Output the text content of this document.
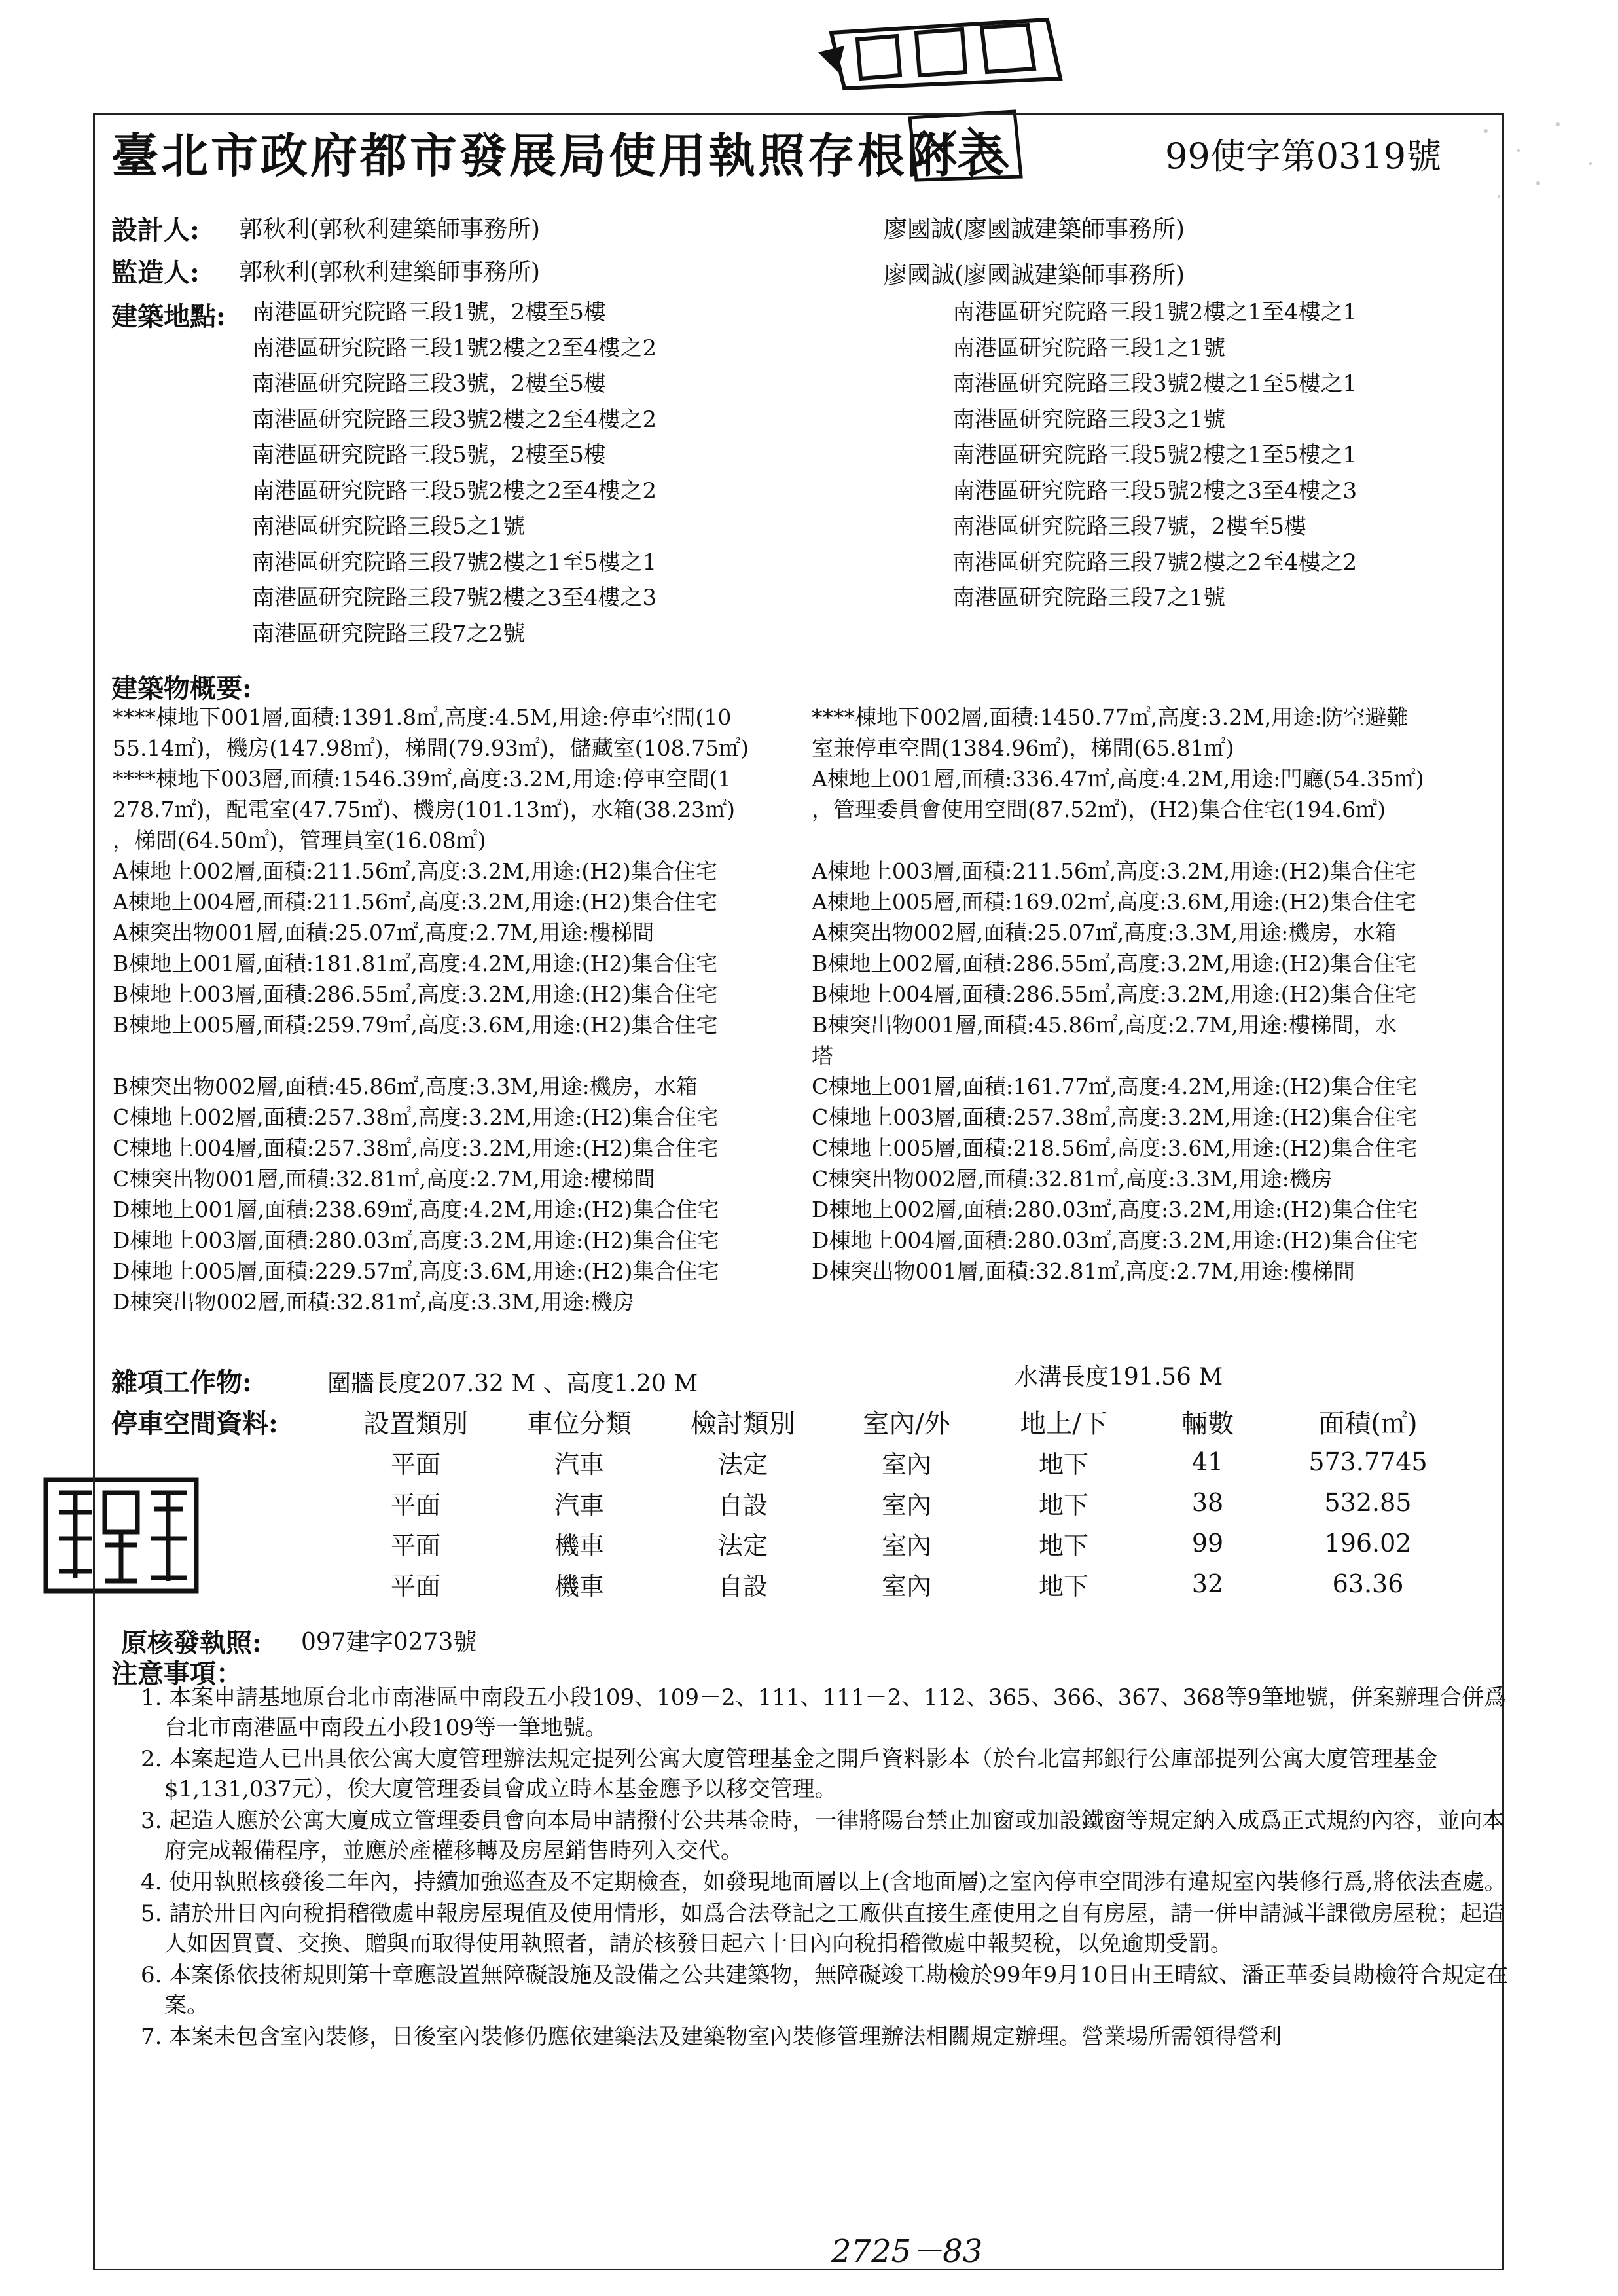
臺北市政府都市發展局使用執照存根附表	99使字第0319號
設計人: 郭秋利(郭秋利建築師事務所)	廖國誠(廖國誠建築師事務所)
監造人: 郭秋利(郭秋利建築師事務所)	廖國誠(廖國誠建築師事務所)
建築地點: 南港區研究院路三段1號，2樓至5樓
南港區研究院路三段1號2樓之2至4樓之2
南港區研究院路三段3號，2樓至5樓
南港區研究院路三段3號2樓之2至4樓之2
南港區研究院路三段5號，2樓至5樓
南港區研究院路三段5號2樓之2至4樓之2
南港區研究院路三段5之1號
南港區研究院路三段7號2樓之1至5樓之1
南港區研究院路三段7號2樓之3至4樓之3
南港區研究院路三段7之2號
南港區研究院路三段1號2樓之1至4樓之1
南港區研究院路三段1之1號
南港區研究院路三段3號2樓之1至5樓之1
南港區研究院路三段3之1號
南港區研究院路三段5號2樓之1至5樓之1
南港區研究院路三段5號2樓之3至4樓之3
南港區研究院路三段7號，2樓至5樓
南港區研究院路三段7號2樓之2至4樓之2
南港區研究院路三段7之1號
建築物概要:
****棟地下001層,面積:1391.8㎡,高度:4.5M,用途:停車空間(10
55.14㎡)，機房(147.98㎡)，梯間(79.93㎡)，儲藏室(108.75㎡)
****棟地下003層,面積:1546.39㎡,高度:3.2M,用途:停車空間(1
278.7㎡)，配電室(47.75㎡)、機房(101.13㎡)，水箱(38.23㎡)
，梯間(64.50㎡)，管理員室(16.08㎡)
A棟地上002層,面積:211.56㎡,高度:3.2M,用途:(H2)集合住宅
A棟地上004層,面積:211.56㎡,高度:3.2M,用途:(H2)集合住宅
A棟突出物001層,面積:25.07㎡,高度:2.7M,用途:樓梯間
B棟地上001層,面積:181.81㎡,高度:4.2M,用途:(H2)集合住宅
B棟地上003層,面積:286.55㎡,高度:3.2M,用途:(H2)集合住宅
B棟地上005層,面積:259.79㎡,高度:3.6M,用途:(H2)集合住宅
B棟突出物002層,面積:45.86㎡,高度:3.3M,用途:機房，水箱
C棟地上002層,面積:257.38㎡,高度:3.2M,用途:(H2)集合住宅
C棟地上004層,面積:257.38㎡,高度:3.2M,用途:(H2)集合住宅
C棟突出物001層,面積:32.81㎡,高度:2.7M,用途:樓梯間
D棟地上001層,面積:238.69㎡,高度:4.2M,用途:(H2)集合住宅
D棟地上003層,面積:280.03㎡,高度:3.2M,用途:(H2)集合住宅
D棟地上005層,面積:229.57㎡,高度:3.6M,用途:(H2)集合住宅
D棟突出物002層,面積:32.81㎡,高度:3.3M,用途:機房
****棟地下002層,面積:1450.77㎡,高度:3.2M,用途:防空避難
室兼停車空間(1384.96㎡)，梯間(65.81㎡)
A棟地上001層,面積:336.47㎡,高度:4.2M,用途:門廳(54.35㎡)
，管理委員會使用空間(87.52㎡)，(H2)集合住宅(194.6㎡)
A棟地上003層,面積:211.56㎡,高度:3.2M,用途:(H2)集合住宅
A棟地上005層,面積:169.02㎡,高度:3.6M,用途:(H2)集合住宅
A棟突出物002層,面積:25.07㎡,高度:3.3M,用途:機房，水箱
B棟地上002層,面積:286.55㎡,高度:3.2M,用途:(H2)集合住宅
B棟地上004層,面積:286.55㎡,高度:3.2M,用途:(H2)集合住宅
B棟突出物001層,面積:45.86㎡,高度:2.7M,用途:樓梯間，水
塔
C棟地上001層,面積:161.77㎡,高度:4.2M,用途:(H2)集合住宅
C棟地上003層,面積:257.38㎡,高度:3.2M,用途:(H2)集合住宅
C棟地上005層,面積:218.56㎡,高度:3.6M,用途:(H2)集合住宅
C棟突出物002層,面積:32.81㎡,高度:3.3M,用途:機房
D棟地上002層,面積:280.03㎡,高度:3.2M,用途:(H2)集合住宅
D棟地上004層,面積:280.03㎡,高度:3.2M,用途:(H2)集合住宅
D棟突出物001層,面積:32.81㎡,高度:2.7M,用途:樓梯間
雜項工作物:	圍牆長度207.32 M 、高度1.20 M	水溝長度191.56 M
停車空間資料:	設置類別	車位分類	檢討類別	室內/外	地上/下	輛數	面積(㎡)
	平面	汽車	法定	室內	地下	41	573.7745
	平面	汽車	自設	室內	地下	38	532.85
	平面	機車	法定	室內	地下	99	196.02
	平面	機車	自設	室內	地下	32	63.36
原核發執照: 097建字0273號
注意事項：
1. 本案申請基地原台北市南港區中南段五小段109、109－2、111、111－2、112、365、366、367、368等9筆地號，併案辦理合併爲台北市南港區中南段五小段109等一筆地號。
2. 本案起造人已出具依公寓大廈管理辦法規定提列公寓大廈管理基金之開戶資料影本（於台北富邦銀行公庫部提列公寓大廈管理基金$1,131,037元），俟大廈管理委員會成立時本基金應予以移交管理。
3. 起造人應於公寓大廈成立管理委員會向本局申請撥付公共基金時，一律將陽台禁止加窗或加設鐵窗等規定納入成爲正式規約內容，並向本府完成報備程序，並應於產權移轉及房屋銷售時列入交代。
4. 使用執照核發後二年內，持續加強巡查及不定期檢查，如發現地面層以上(含地面層)之室內停車空間涉有違規室內裝修行爲,將依法查處。
5. 請於卅日內向稅捐稽徵處申報房屋現值及使用情形，如爲合法登記之工廠供直接生產使用之自有房屋，請一併申請減半課徵房屋稅；起造人如因買賣、交換、贈與而取得使用執照者，請於核發日起六十日內向稅捐稽徵處申報契稅，以免逾期受罰。
6. 本案係依技術規則第十章應設置無障礙設施及設備之公共建築物，無障礙竣工勘檢於99年9月10日由王晴紋、潘正華委員勘檢符合規定在案。
7. 本案未包含室內裝修，日後室內裝修仍應依建築法及建築物室內裝修管理辦法相關規定辦理。營業場所需領得營利
2725－83
